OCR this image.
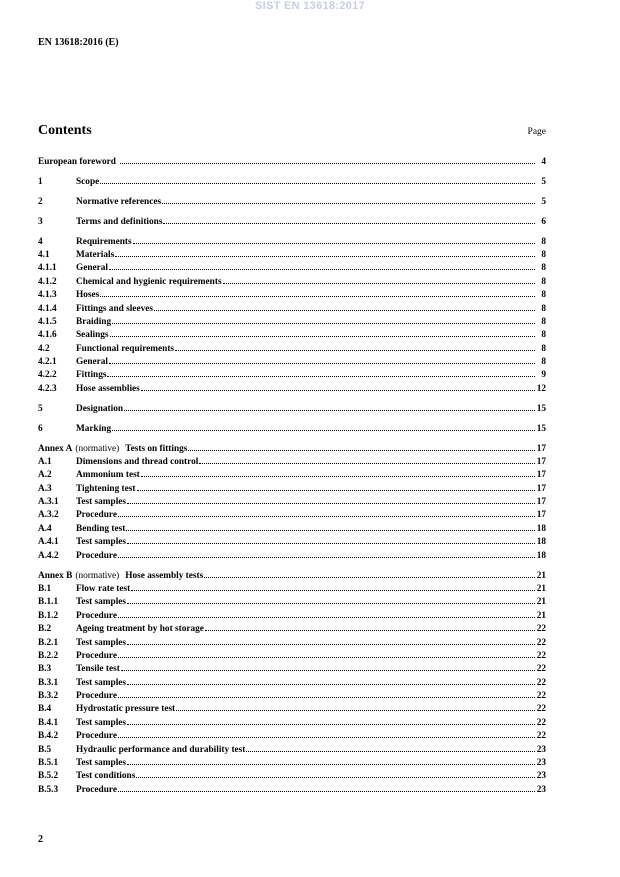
SIST EN 13618:2017
EN 13618:2016 (E)
Contents	Page
European foreword	4
1	Scope	5
2	Normative references	5
3	Terms and definitions	6
4	Requirements	8
4.1	Materials	8
4.1.1	General	8
4.1.2	Chemical and hygienic requirements	8
4.1.3	Hoses	8
4.1.4	Fittings and sleeves	8
4.1.5	Braiding	8
4.1.6	Sealings	8
4.2	Functional requirements	8
4.2.1	General	8
4.2.2	Fittings	9
4.2.3	Hose assemblies	12
5	Designation	15
6	Marking	15
Annex A (normative) Tests on fittings	17
A.1	Dimensions and thread control	17
A.2	Ammonium test	17
A.3	Tightening test	17
A.3.1	Test samples	17
A.3.2	Procedure	17
A.4	Bending test	18
A.4.1	Test samples	18
A.4.2	Procedure	18
Annex B (normative) Hose assembly tests	21
B.1	Flow rate test	21
B.1.1	Test samples	21
B.1.2	Procedure	21
B.2	Ageing treatment by hot storage	22
B.2.1	Test samples	22
B.2.2	Procedure	22
B.3	Tensile test	22
B.3.1	Test samples	22
B.3.2	Procedure	22
B.4	Hydrostatic pressure test	22
B.4.1	Test samples	22
B.4.2	Procedure	22
B.5	Hydraulic performance and durability test	23
B.5.1	Test samples	23
B.5.2	Test conditions	23
B.5.3	Procedure	23
2
